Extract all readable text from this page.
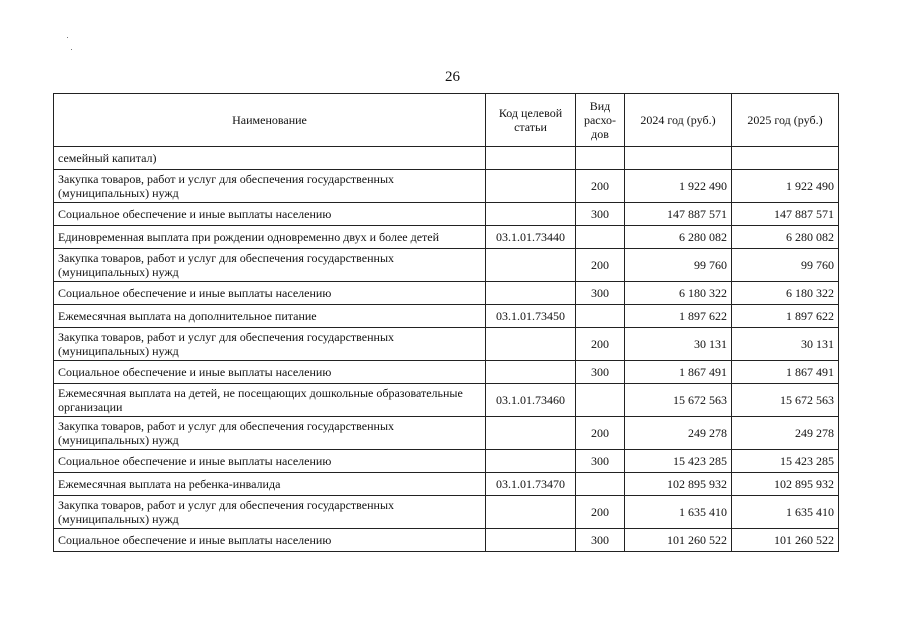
26
Наименование	Код целевой статьи	Вид расхо-дов	2024 год (руб.)	2025 год (руб.)
семейный капитал)				
Закупка товаров, работ и услуг для обеспечения государственных (муниципальных) нужд		200	1 922 490	1 922 490
Социальное обеспечение и иные выплаты населению		300	147 887 571	147 887 571
Единовременная выплата при рождении одновременно двух и более детей	03.1.01.73440		6 280 082	6 280 082
Закупка товаров, работ и услуг для обеспечения государственных (муниципальных) нужд		200	99 760	99 760
Социальное обеспечение и иные выплаты населению		300	6 180 322	6 180 322
Ежемесячная выплата на дополнительное питание	03.1.01.73450		1 897 622	1 897 622
Закупка товаров, работ и услуг для обеспечения государственных (муниципальных) нужд		200	30 131	30 131
Социальное обеспечение и иные выплаты населению		300	1 867 491	1 867 491
Ежемесячная выплата на детей, не посещающих дошкольные образовательные организации	03.1.01.73460		15 672 563	15 672 563
Закупка товаров, работ и услуг для обеспечения государственных (муниципальных) нужд		200	249 278	249 278
Социальное обеспечение и иные выплаты населению		300	15 423 285	15 423 285
Ежемесячная выплата на ребенка-инвалида	03.1.01.73470		102 895 932	102 895 932
Закупка товаров, работ и услуг для обеспечения государственных (муниципальных) нужд		200	1 635 410	1 635 410
Социальное обеспечение и иные выплаты населению		300	101 260 522	101 260 522
